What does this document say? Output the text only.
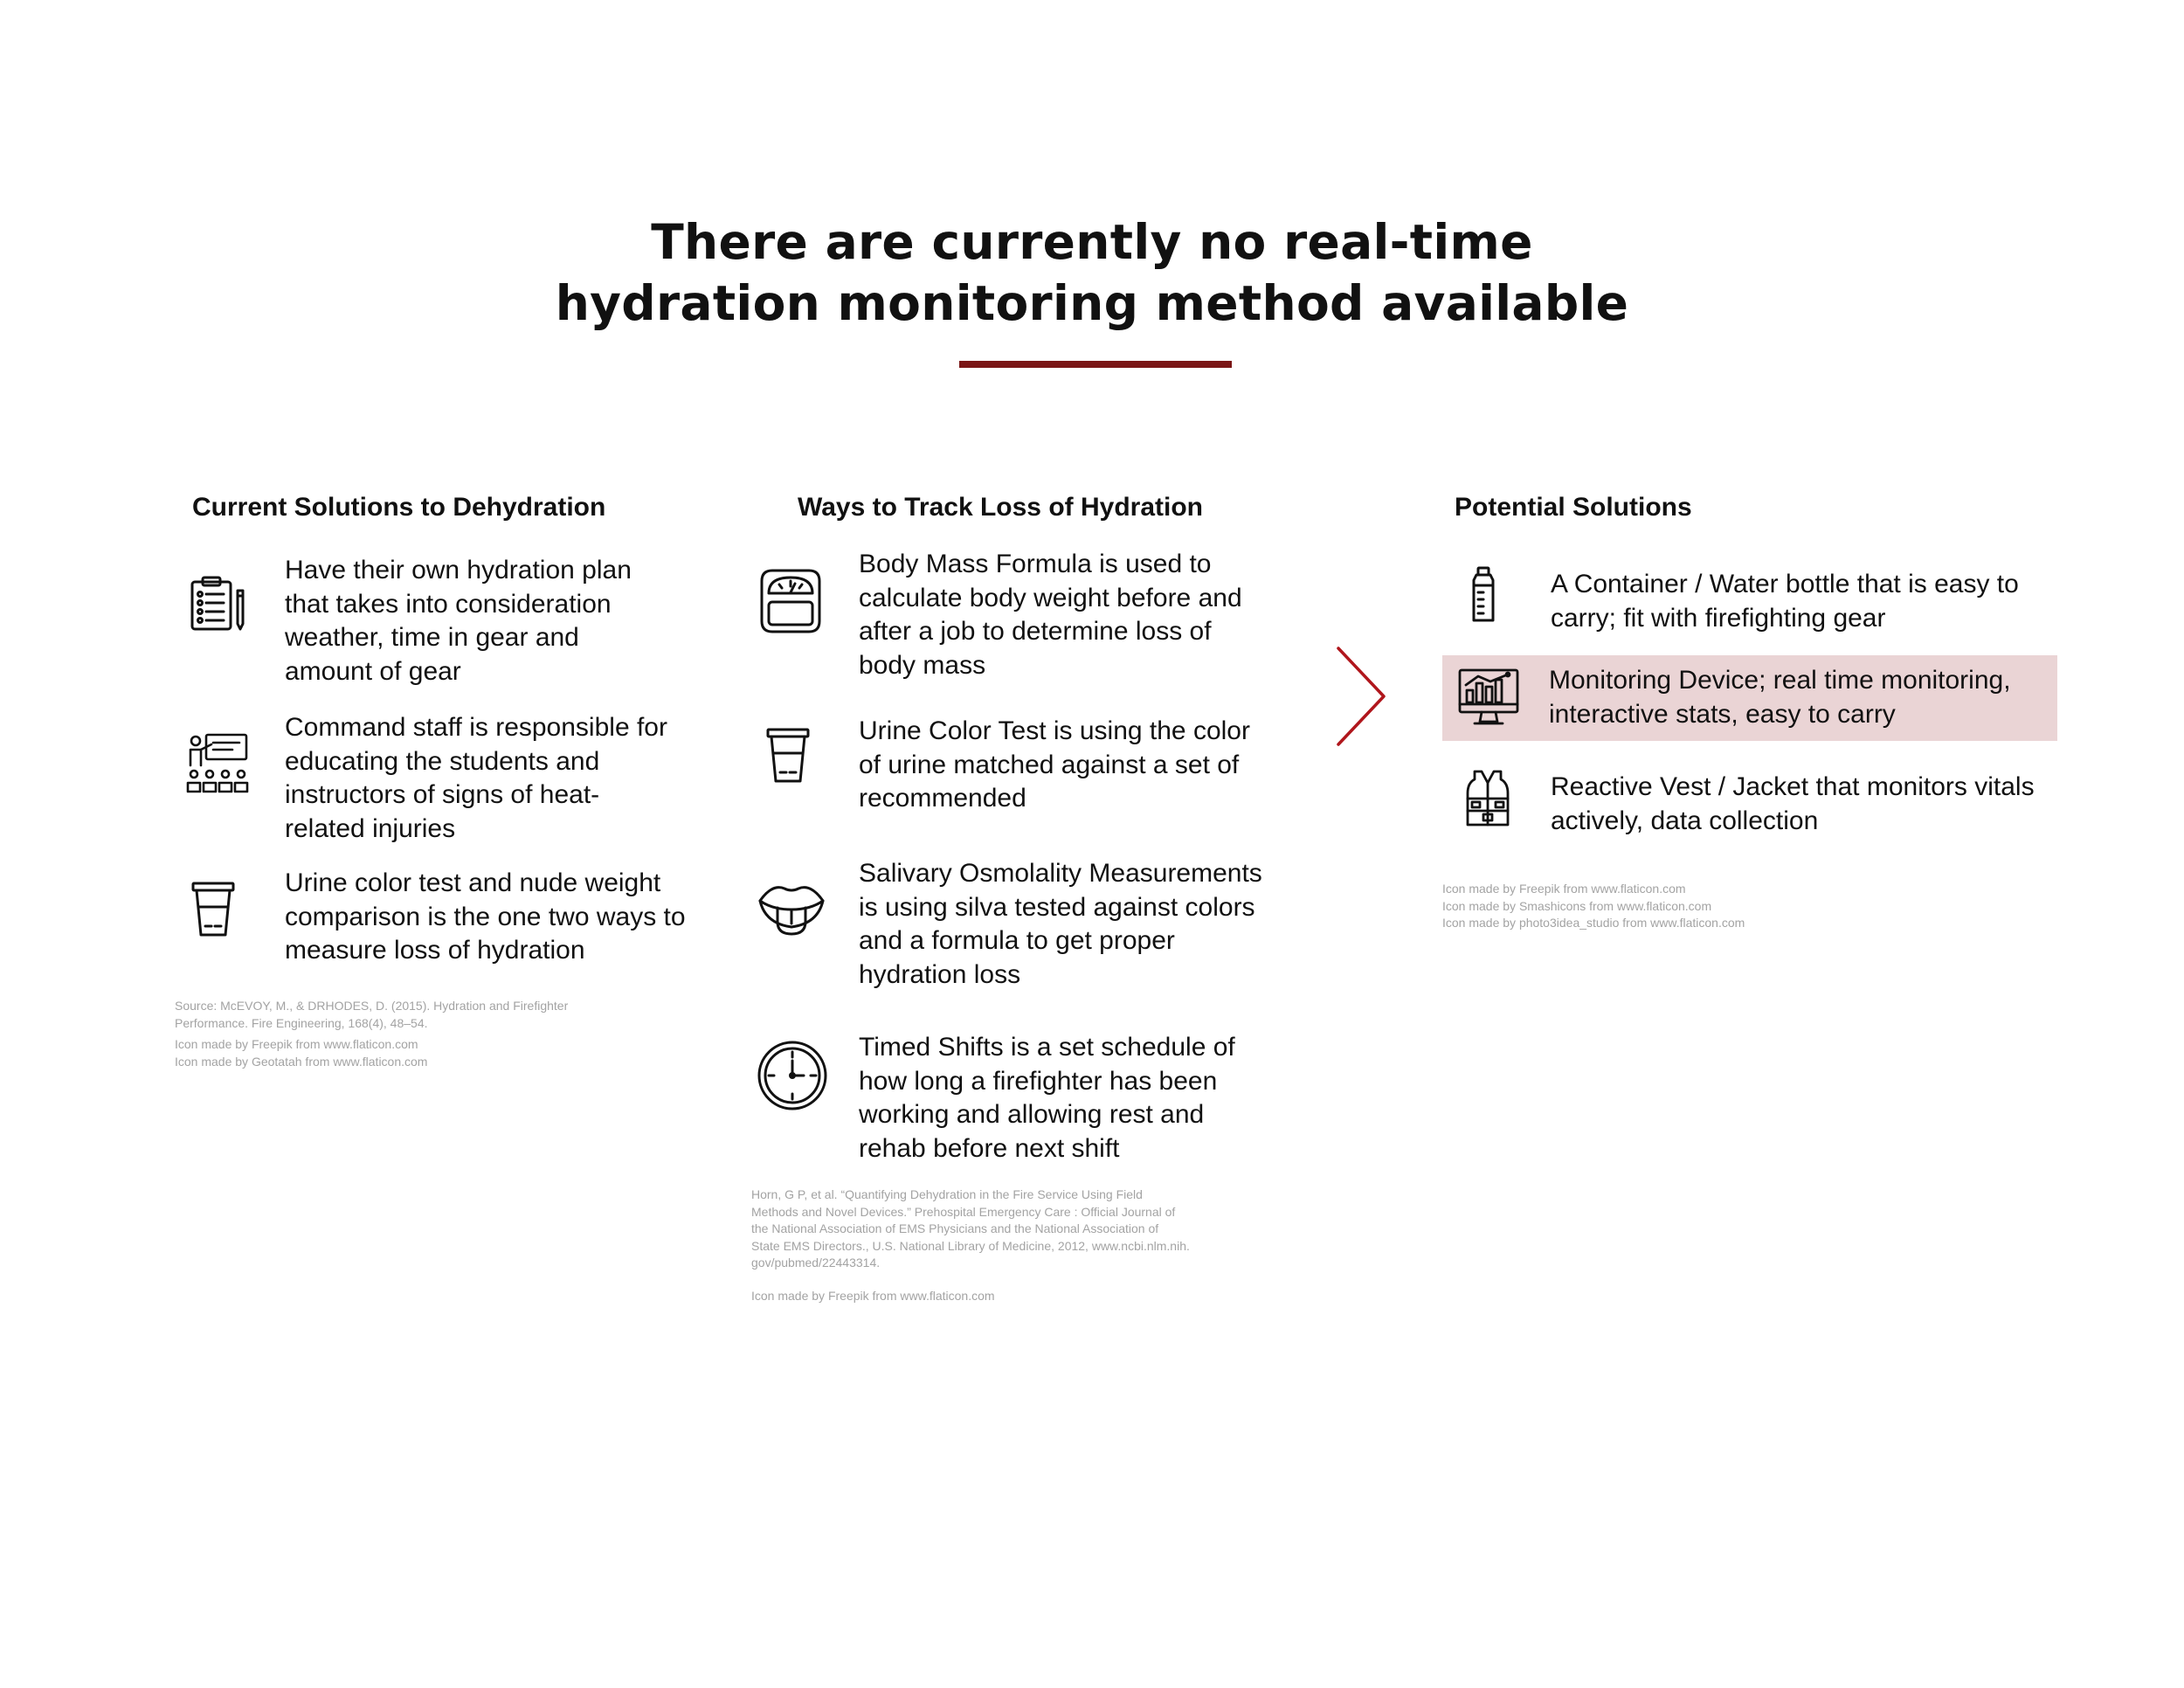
There are currently no real-time
hydration monitoring method available
Current Solutions to Dehydration	Ways to Track Loss of Hydration	Potential Solutions
Have their own hydration plan that takes into consideration weather, time in gear and amount of gear
Command staff is responsible for educating the students and instructors of signs of heat-related injuries
Urine color test and nude weight comparison is the one two ways to measure loss of hydration
Source: McEVOY, M., & DRHODES, D. (2015). Hydration and Firefighter
Performance. Fire Engineering, 168(4), 48–54.
Icon made by Freepik from www.flaticon.com
Icon made by Geotatah from www.flaticon.com
Body Mass Formula is used to calculate body weight before and after a job to determine loss of body mass
Urine Color Test is using the color of urine matched against a set of recommended
Salivary Osmolality Measurements is using silva tested against colors and a formula to get proper hydration loss
Timed Shifts is a set schedule of how long a firefighter has been working and allowing rest and rehab before next shift
Horn, G P, et al. “Quantifying Dehydration in the Fire Service Using Field
Methods and Novel Devices.” Prehospital Emergency Care : Official Journal of
the National Association of EMS Physicians and the National Association of
State EMS Directors., U.S. National Library of Medicine, 2012, www.ncbi.nlm.nih.
gov/pubmed/22443314.
Icon made by Freepik from www.flaticon.com
A Container / Water bottle that is easy to carry; fit with firefighting gear
Monitoring Device; real time monitoring, interactive stats, easy to carry
Reactive Vest / Jacket that monitors vitals actively, data collection
Icon made by Freepik from www.flaticon.com
Icon made by Smashicons from www.flaticon.com
Icon made by photo3idea_studio from www.flaticon.com
